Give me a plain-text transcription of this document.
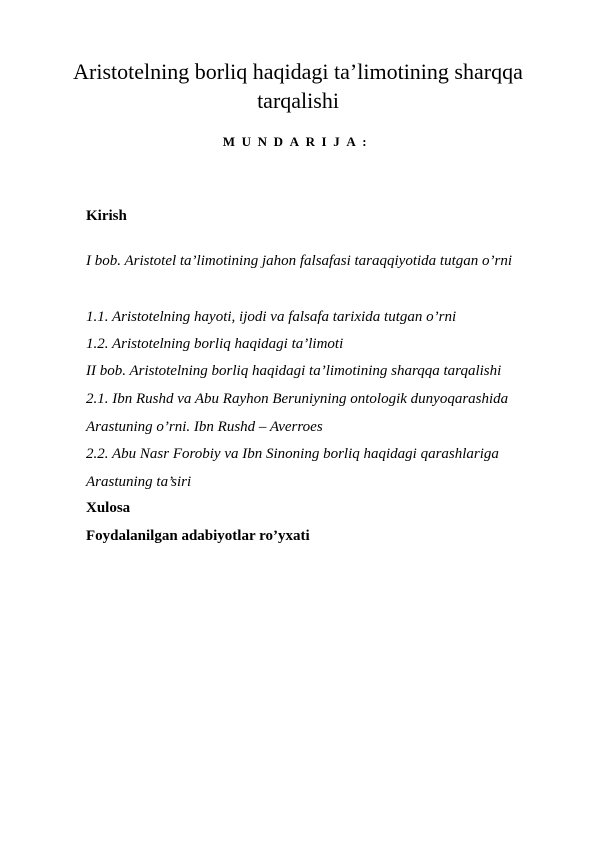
Aristotelning borliq haqidagi ta’limotining sharqqa tarqalishi
MUNDARIJA:
Kirish
I bob. Aristotel ta’limotining jahon falsafasi taraqqiyotida tutgan o’rni
1.1. Aristotelning hayoti, ijodi va falsafa tarixida tutgan o’rni
1.2. Aristotelning borliq haqidagi ta’limoti
II bob. Aristotelning borliq haqidagi ta’limotining sharqqa tarqalishi
2.1. Ibn Rushd va Abu Rayhon Beruniyning ontologik dunyoqarashida
Arastuning o’rni. Ibn Rushd – Averroes
2.2. Abu Nasr Forobiy va Ibn Sinoning borliq haqidagi qarashlariga
Arastuning ta’siri
Xulosa
Foydalanilgan adabiyotlar ro’yxati
